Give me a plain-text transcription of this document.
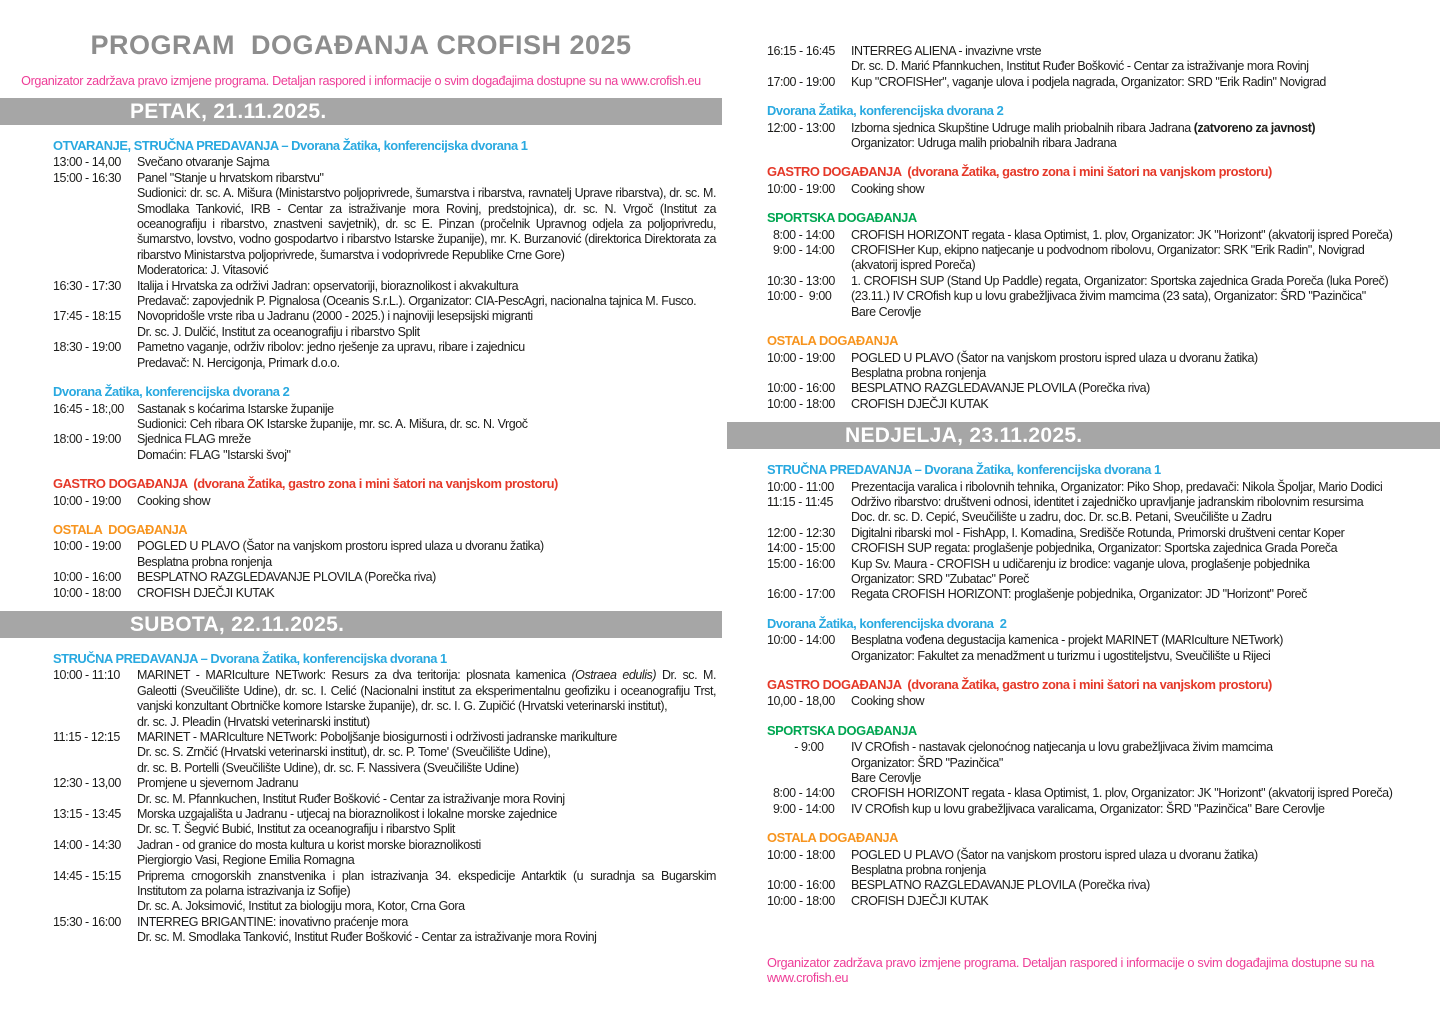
PROGRAM  DOGAĐANJA CROFISH 2025
Organizator zadržava pravo izmjene programa. Detaljan raspored i informacije o svim događajima dostupne su na www.crofish.eu
PETAK, 21.11.2025.
OTVARANJE, STRUČNA PREDAVANJA – Dvorana Žatika, konferencijska dvorana 1
13:00 - 14,00	Svečano otvaranje Sajma
15:00 - 16:30	Panel "Stanje u hrvatskom ribarstvu"
Sudionici: dr. sc. A. Mišura (Ministarstvo poljoprivrede, šumarstva i ribarstva, ravnatelj Uprave ribarstva), dr. sc. M. Smodlaka Tanković, IRB - Centar za istraživanje mora Rovinj, predstojnica), dr. sc. N. Vrgoč (Institut za oceanografiju i ribarstvo, znastveni savjetnik), dr. sc E. Pinzan (pročelnik Upravnog odjela za poljoprivredu, šumarstvo, lovstvo, vodno gospodartvo i ribarstvo Istarske županije), mr. K. Burzanović (direktorica Direktorata za ribarstvo Ministarstva poljoprivrede, šumarstva i vodoprivrede Republike Crne Gore)
Moderatorica: J. Vitasović
16:30 - 17:30	Italija i Hrvatska za održivi Jadran: opservatoriji, bioraznolikost i akvakultura
Predavač: zapovjednik P. Pignalosa (Oceanis S.r.L.). Organizator: CIA-PescAgri, nacionalna tajnica M. Fusco.
17:45 - 18:15	Novopridošle vrste riba u Jadranu (2000 - 2025.) i najnoviji lesepsijski migranti
Dr. sc. J. Dulčić, Institut za oceanografiju i ribarstvo Split
18:30 - 19:00	Pametno vaganje, održiv ribolov: jedno rješenje za upravu, ribare i zajednicu
Predavač: N. Hercigonja, Primark d.o.o.
Dvorana Žatika, konferencijska dvorana 2
16:45 - 18:,00	Sastanak s koćarima Istarske županije
Sudionici: Ceh ribara OK Istarske županije, mr. sc. A. Mišura, dr. sc. N. Vrgoč
18:00 - 19:00	Sjednica FLAG mreže
Domaćin: FLAG "Istarski švoj"
GASTRO DOGAĐANJA  (dvorana Žatika, gastro zona i mini šatori na vanjskom prostoru)
10:00 - 19:00	Cooking show
OSTALA  DOGAĐANJA
10:00 - 19:00	POGLED U PLAVO (Šator na vanjskom prostoru ispred ulaza u dvoranu žatika)
Besplatna probna ronjenja
10:00 - 16:00	BESPLATNO RAZGLEDAVANJE PLOVILA (Porečka riva)
10:00 - 18:00	CROFISH DJEČJI KUTAK
SUBOTA, 22.11.2025.
STRUČNA PREDAVANJA – Dvorana Žatika, konferencijska dvorana 1
10:00 - 11:10	MARINET - MARIculture NETwork: Resurs za dva teritorija: plosnata kamenica (Ostraea edulis) Dr. sc. M. Galeotti (Sveučilište Udine), dr. sc. I. Celić (Nacionalni institut za eksperimentalnu geofiziku i oceanografiju Trst, vanjski konzultant Obrtničke komore Istarske županije), dr. sc. I. G. Zupičić (Hrvatski veterinarski institut),
dr. sc. J. Pleadin (Hrvatski veterinarski institut)
11:15 - 12:15	MARINET - MARIculture NETwork: Poboljšanje biosigurnosti i održivosti jadranske marikulture
Dr. sc. S. Zrnčić (Hrvatski veterinarski institut), dr. sc. P. Tome' (Sveučilište Udine),
dr. sc. B. Portelli (Sveučilište Udine), dr. sc. F. Nassivera (Sveučilište Udine)
12:30 - 13,00	Promjene u sjevernom Jadranu
Dr. sc. M. Pfannkuchen, Institut Ruđer Bošković - Centar za istraživanje mora Rovinj
13:15 - 13:45	Morska uzgajališta u Jadranu - utjecaj na bioraznolikost i lokalne morske zajednice
Dr. sc. T. Šegvić Bubić, Institut za oceanografiju i ribarstvo Split
14:00 - 14:30	Jadran - od granice do mosta kultura u korist morske bioraznolikosti
Piergiorgio Vasi, Regione Emilia Romagna
14:45 - 15:15	Priprema crnogorskih znanstvenika i plan istrazivanja 34. ekspedicije Antarktik (u suradnja sa Bugarskim Institutom za polarna istrazivanja iz Sofije)
Dr. sc. A. Joksimović, Institut za biologiju mora, Kotor, Crna Gora
15:30 - 16:00	INTERREG BRIGANTINE: inovativno praćenje mora
Dr. sc. M. Smodlaka Tanković, Institut Ruđer Bošković - Centar za istraživanje mora Rovinj
16:15 - 16:45	INTERREG ALIENA - invazivne vrste
Dr. sc. D. Marić Pfannkuchen, Institut Ruđer Bošković - Centar za istraživanje mora Rovinj
17:00 - 19:00	Kup "CROFISHer", vaganje ulova i podjela nagrada, Organizator: SRD "Erik Radin" Novigrad
Dvorana Žatika, konferencijska dvorana 2
12:00 - 13:00	Izborna sjednica Skupštine Udruge malih priobalnih ribara Jadrana (zatvoreno za javnost)
Organizator: Udruga malih priobalnih ribara Jadrana
GASTRO DOGAĐANJA  (dvorana Žatika, gastro zona i mini šatori na vanjskom prostoru)
10:00 - 19:00	Cooking show
SPORTSKA DOGAĐANJA
8:00 - 14:00	CROFISH HORIZONT regata - klasa Optimist, 1. plov, Organizator: JK "Horizont" (akvatorij ispred Poreča)
9:00 - 14:00	CROFISHer Kup, ekipno natjecanje u podvodnom ribolovu, Organizator: SRK "Erik Radin", Novigrad
(akvatorij ispred Poreča)
10:30 - 13:00	1. CROFISH SUP (Stand Up Paddle) regata, Organizator: Sportska zajednica Grada Poreča (luka Poreč)
10:00 -  9:00	(23.11.) IV CROfish kup u lovu grabežljivaca živim mamcima (23 sata), Organizator: ŠRD "Pazinčica"
Bare Cerovlje
OSTALA DOGAĐANJA
10:00 - 19:00	POGLED U PLAVO (Šator na vanjskom prostoru ispred ulaza u dvoranu žatika)
Besplatna probna ronjenja
10:00 - 16:00	BESPLATNO RAZGLEDAVANJE PLOVILA (Porečka riva)
10:00 - 18:00	CROFISH DJEČJI KUTAK
NEDJELJA, 23.11.2025.
STRUČNA PREDAVANJA – Dvorana Žatika, konferencijska dvorana 1
10:00 - 11:00	Prezentacija varalica i ribolovnih tehnika, Organizator: Piko Shop, predavači: Nikola Špoljar, Mario Dodici
11:15 - 11:45	Održivo ribarstvo: društveni odnosi, identitet i zajedničko upravljanje jadranskim ribolovnim resursima
Doc. dr. sc. D. Cepić, Sveučilište u zadru, doc. Dr. sc.B. Petani, Sveučilište u Zadru
12:00 - 12:30	Digitalni ribarski mol - FishApp, I. Komadina, Središče Rotunda, Primorski društveni centar Koper
14:00 - 15:00	CROFISH SUP regata: proglašenje pobjednika, Organizator: Sportska zajednica Grada Poreča
15:00 - 16:00	Kup Sv. Maura - CROFISH u udičarenju iz brodice: vaganje ulova, proglašenje pobjednika
Organizator: SRD "Zubatac" Poreč
16:00 - 17:00	Regata CROFISH HORIZONT: proglašenje pobjednika, Organizator: JD "Horizont" Poreč
Dvorana Žatika, konferencijska dvorana  2
10:00 - 14:00	Besplatna vođena degustacija kamenica - projekt MARINET (MARIculture NETwork)
Organizator: Fakultet za menadžment u turizmu i ugostiteljstvu, Sveučilište u Rijeci
GASTRO DOGAĐANJA  (dvorana Žatika, gastro zona i mini šatori na vanjskom prostoru)
10,00 - 18,00	Cooking show
SPORTSKA DOGAĐANJA
- 9:00	IV CROfish - nastavak cjelonoćnog natjecanja u lovu grabežljivaca živim mamcima
Organizator: ŠRD "Pazinčica"
Bare Cerovlje
8:00 - 14:00	CROFISH HORIZONT regata - klasa Optimist, 1. plov, Organizator: JK "Horizont" (akvatorij ispred Poreča)
9:00 - 14:00	IV CROfish kup u lovu grabežljivaca varalicama, Organizator: ŠRD "Pazinčica" Bare Cerovlje
OSTALA DOGAĐANJA
10:00 - 18:00	POGLED U PLAVO (Šator na vanjskom prostoru ispred ulaza u dvoranu žatika)
Besplatna probna ronjenja
10:00 - 16:00	BESPLATNO RAZGLEDAVANJE PLOVILA (Porečka riva)
10:00 - 18:00	CROFISH DJEČJI KUTAK
Organizator zadržava pravo izmjene programa. Detaljan raspored i informacije o svim događajima dostupne su na www.crofish.eu
